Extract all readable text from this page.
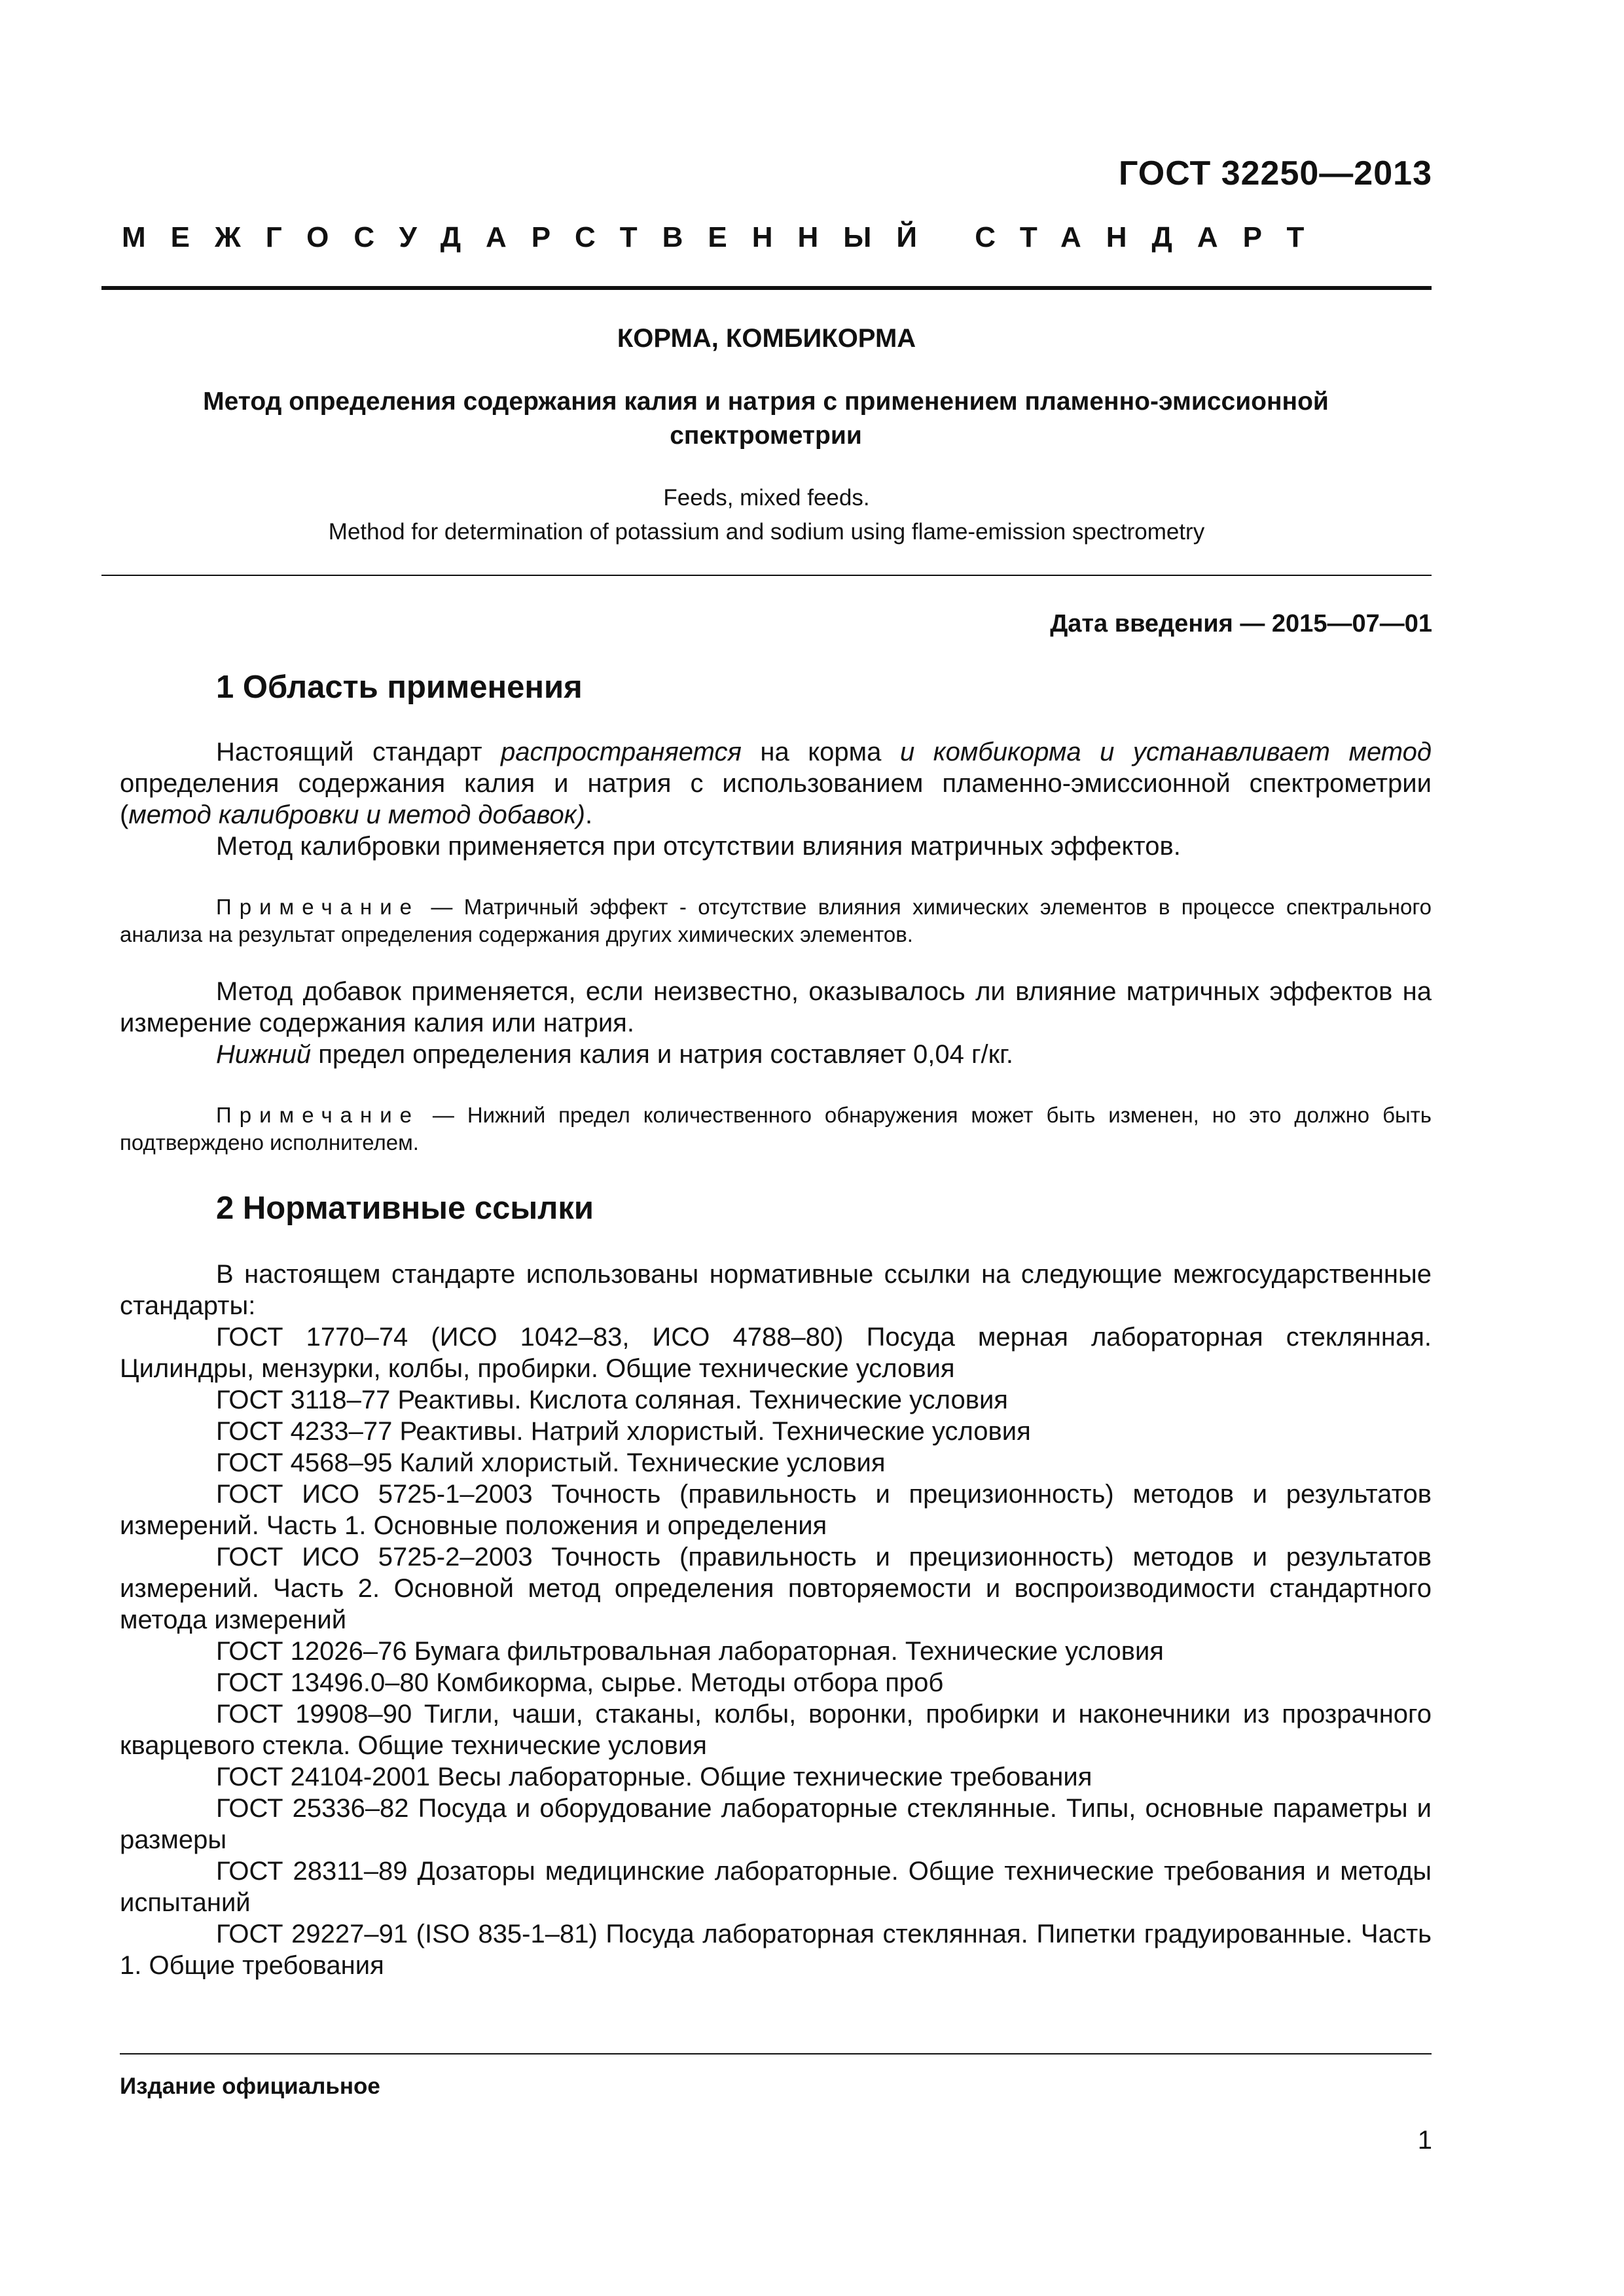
ГОСТ 32250—2013
МЕЖГОСУДАРСТВЕННЫЙ СТАНДАРТ
КОРМА, КОМБИКОРМА
Метод определения содержания калия и натрия с применением пламенно-эмиссионной спектрометрии
Feeds, mixed feeds.
Method for determination of potassium and sodium using flame-emission spectrometry
Дата введения — 2015—07—01
1 Область применения
Настоящий стандарт распространяется на корма и комбикорма и устанавливает метод определения содержания калия и натрия с использованием пламенно-эмиссионной спектрометрии (метод калибровки и метод добавок).
Метод калибровки применяется при отсутствии влияния матричных эффектов.
Примечание — Матричный эффект - отсутствие влияния химических элементов в процессе спектрального анализа на результат определения содержания других химических элементов.
Метод добавок применяется, если неизвестно, оказывалось ли влияние матричных эффектов на измерение содержания калия или натрия.
Нижний предел определения калия и натрия составляет 0,04 г/кг.
Примечание — Нижний предел количественного обнаружения может быть изменен, но это должно быть подтверждено исполнителем.
2 Нормативные ссылки
В настоящем стандарте использованы нормативные ссылки на следующие межгосударственные стандарты:
ГОСТ 1770–74 (ИСО 1042–83, ИСО 4788–80) Посуда мерная лабораторная стеклянная. Цилиндры, мензурки, колбы, пробирки. Общие технические условия
ГОСТ 3118–77 Реактивы. Кислота соляная. Технические условия
ГОСТ 4233–77 Реактивы. Натрий хлористый. Технические условия
ГОСТ 4568–95 Калий хлористый. Технические условия
ГОСТ ИСО 5725-1–2003 Точность (правильность и прецизионность) методов и результатов измерений. Часть 1. Основные положения и определения
ГОСТ ИСО 5725-2–2003 Точность (правильность и прецизионность) методов и результатов измерений. Часть 2. Основной метод определения повторяемости и воспроизводимости стандартного метода измерений
ГОСТ 12026–76 Бумага фильтровальная лабораторная. Технические условия
ГОСТ 13496.0–80 Комбикорма, сырье. Методы отбора проб
ГОСТ 19908–90 Тигли, чаши, стаканы, колбы, воронки, пробирки и наконечники из прозрачного кварцевого стекла. Общие технические условия
ГОСТ 24104-2001 Весы лабораторные. Общие технические требования
ГОСТ 25336–82 Посуда и оборудование лабораторные стеклянные. Типы, основные параметры и размеры
ГОСТ 28311–89 Дозаторы медицинские лабораторные. Общие технические требования и методы испытаний
ГОСТ 29227–91 (ISO 835-1–81) Посуда лабораторная стеклянная. Пипетки градуированные. Часть 1. Общие требования
Издание официальное
1
